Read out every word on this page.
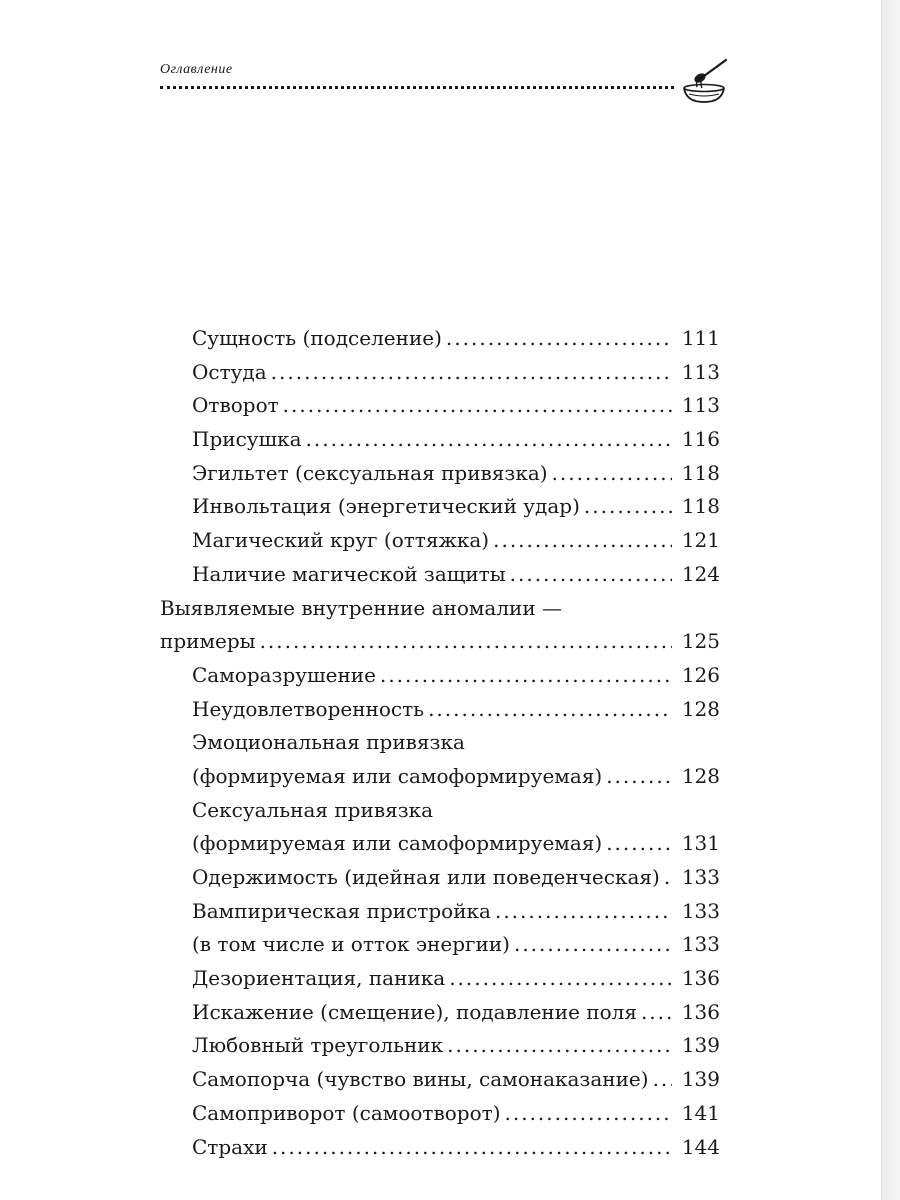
Оглавление
Сущность (подселение) .....	111
Остуда .....	113
Отворот .....	113
Присушка .....	116
Эгильтет (сексуальная привязка) .....	118
Инвольтация (энергетический удар) .....	118
Магический круг (оттяжка) .....	121
Наличие магической защиты .....	124
Выявляемые внутренние аномалии —
примеры .....	125
Саморазрушение .....	126
Неудовлетворенность .....	128
Эмоциональная привязка
(формируемая или самоформируемая) .....	128
Сексуальная привязка
(формируемая или самоформируемая) .....	131
Одержимость (идейная или поведенческая) .....	133
Вампирическая пристройка .....	133
(в том числе и отток энергии) .....	133
Дезориентация, паника .....	136
Искажение (смещение), подавление поля .....	136
Любовный треугольник .....	139
Самопорча (чувство вины, самонаказание) .....	139
Самоприворот (самоотворот) .....	141
Страхи .....	144
